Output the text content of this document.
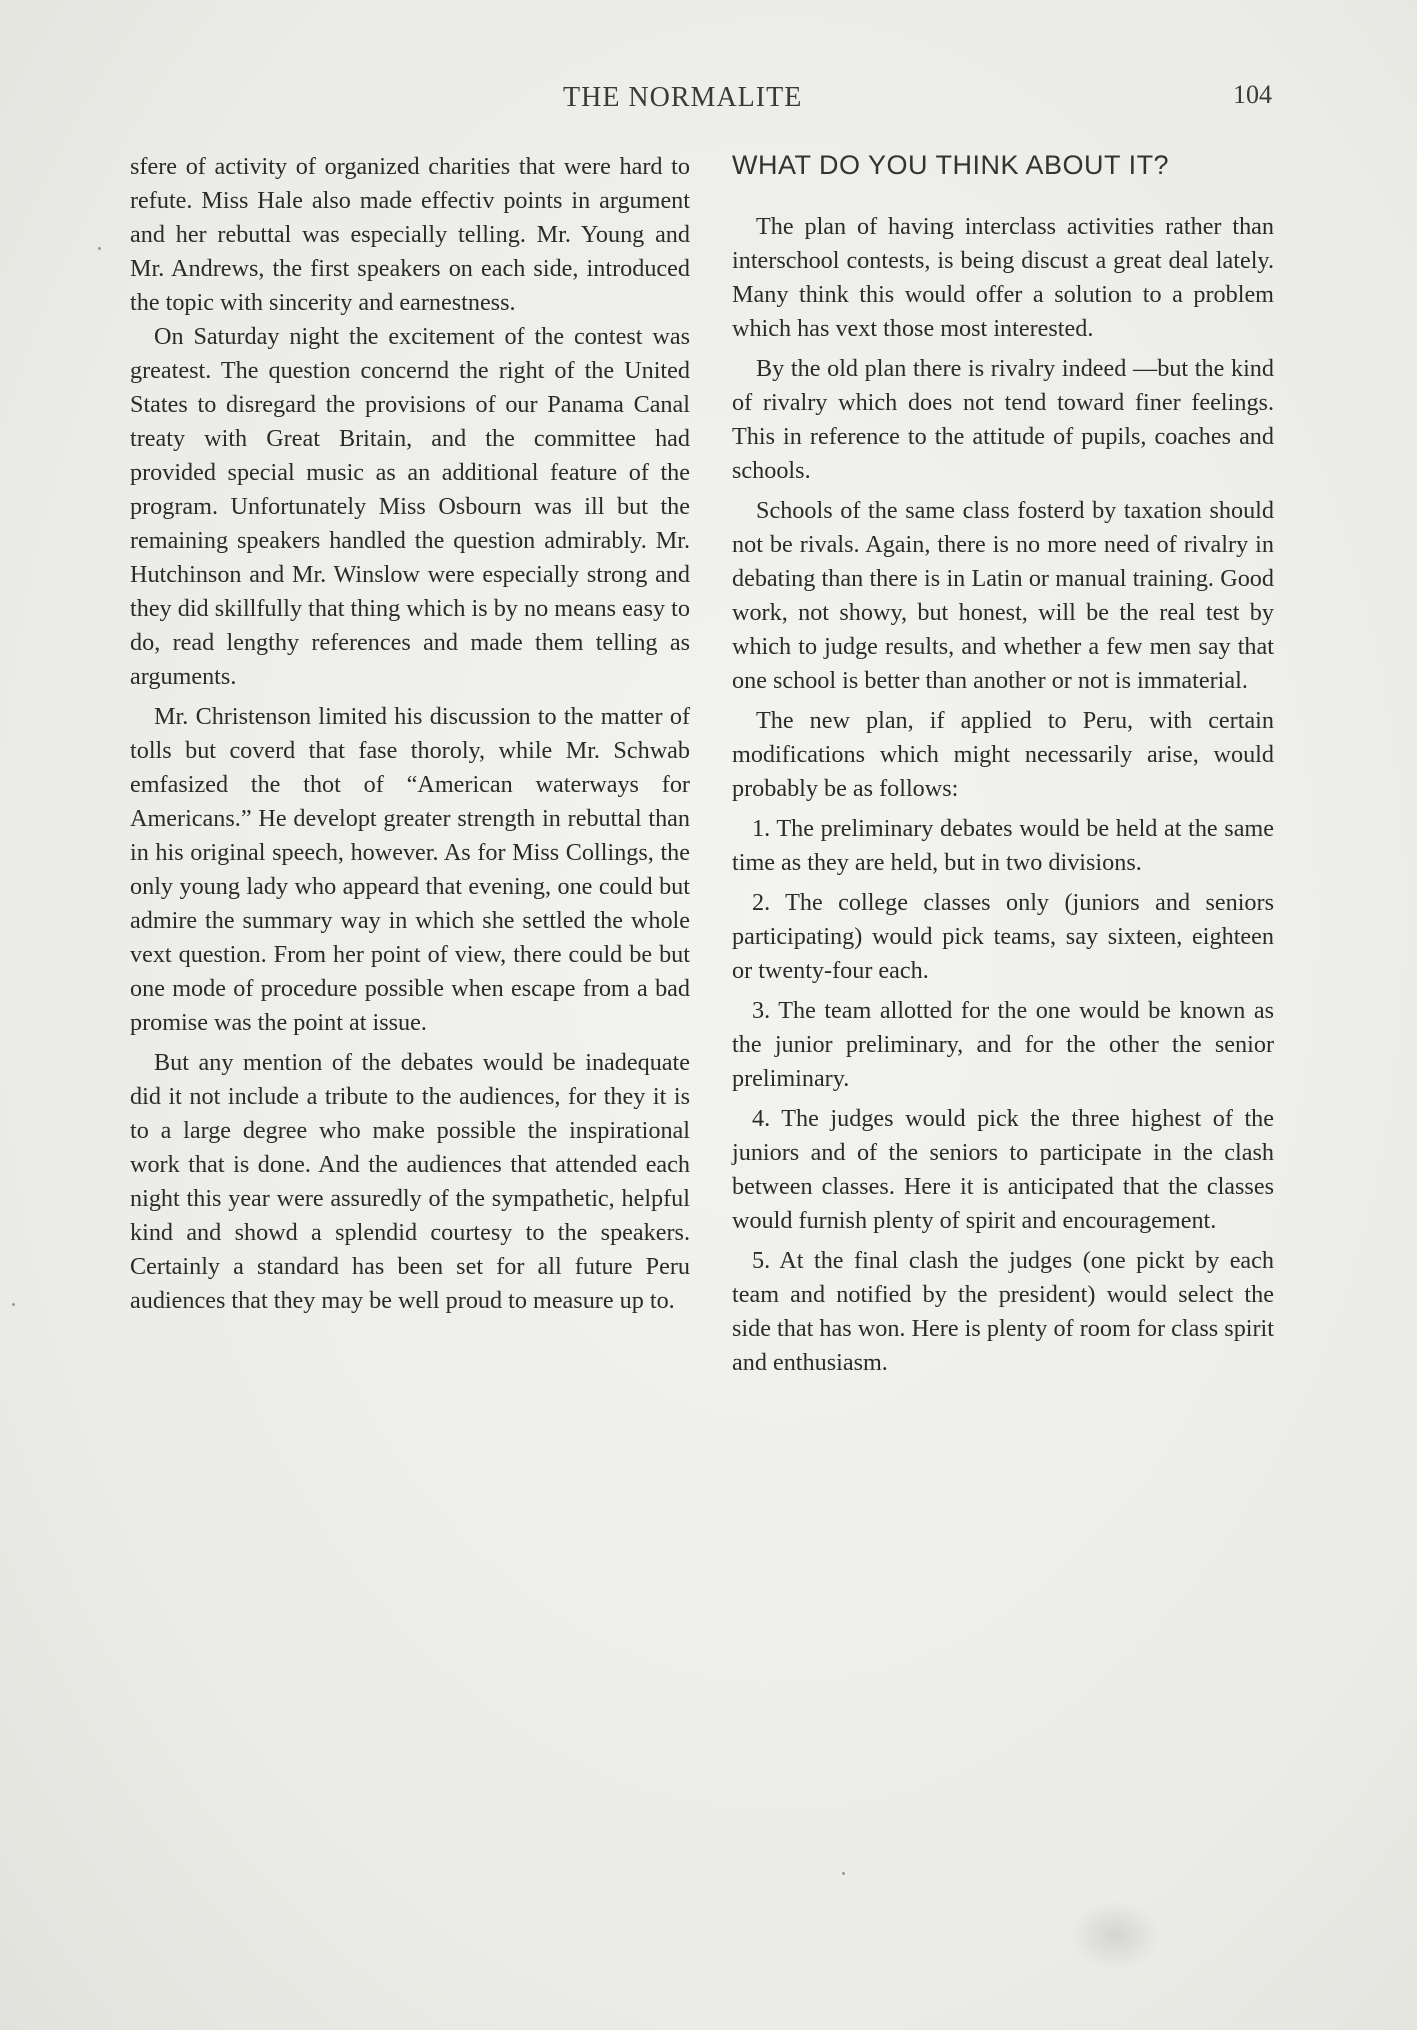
THE NORMALITE	104

sfere of activity of organized charities that were hard to refute. Miss Hale also made effectiv points in argument and her rebuttal was especially telling. Mr. Young and Mr. Andrews, the first speakers on each side, introduced the topic with sincerity and earnestness.

On Saturday night the excitement of the contest was greatest. The question concernd the right of the United States to disregard the provisions of our Panama Canal treaty with Great Britain, and the committee had provided special music as an additional feature of the program. Unfortunately Miss Osbourn was ill but the remaining speakers handled the question admirably. Mr. Hutchinson and Mr. Winslow were especially strong and they did skillfully that thing which is by no means easy to do, read lengthy references and made them telling as arguments.

Mr. Christenson limited his discussion to the matter of tolls but coverd that fase thoroly, while Mr. Schwab emfasized the thot of “American waterways for Americans.” He developt greater strength in rebuttal than in his original speech, however. As for Miss Collings, the only young lady who appeard that evening, one could but admire the summary way in which she settled the whole vext question. From her point of view, there could be but one mode of procedure possible when escape from a bad promise was the point at issue.

But any mention of the debates would be inadequate did it not include a tribute to the audiences, for they it is to a large degree who make possible the inspirational work that is done. And the audiences that attended each night this year were assuredly of the sympathetic, helpful kind and showd a splendid courtesy to the speakers. Certainly a standard has been set for all future Peru audiences that they may be well proud to measure up to.

WHAT DO YOU THINK ABOUT IT?

The plan of having interclass activities rather than interschool contests, is being discust a great deal lately. Many think this would offer a solution to a problem which has vext those most interested.

By the old plan there is rivalry indeed —but the kind of rivalry which does not tend toward finer feelings. This in reference to the attitude of pupils, coaches and schools.

Schools of the same class fosterd by taxation should not be rivals. Again, there is no more need of rivalry in debating than there is in Latin or manual training. Good work, not showy, but honest, will be the real test by which to judge results, and whether a few men say that one school is better than another or not is immaterial.

The new plan, if applied to Peru, with certain modifications which might necessarily arise, would probably be as follows:

1. The preliminary debates would be held at the same time as they are held, but in two divisions.

2. The college classes only (juniors and seniors participating) would pick teams, say sixteen, eighteen or twenty-four each.

3. The team allotted for the one would be known as the junior preliminary, and for the other the senior preliminary.

4. The judges would pick the three highest of the juniors and of the seniors to participate in the clash between classes. Here it is anticipated that the classes would furnish plenty of spirit and encouragement.

5. At the final clash the judges (one pickt by each team and notified by the president) would select the side that has won. Here is plenty of room for class spirit and enthusiasm.
